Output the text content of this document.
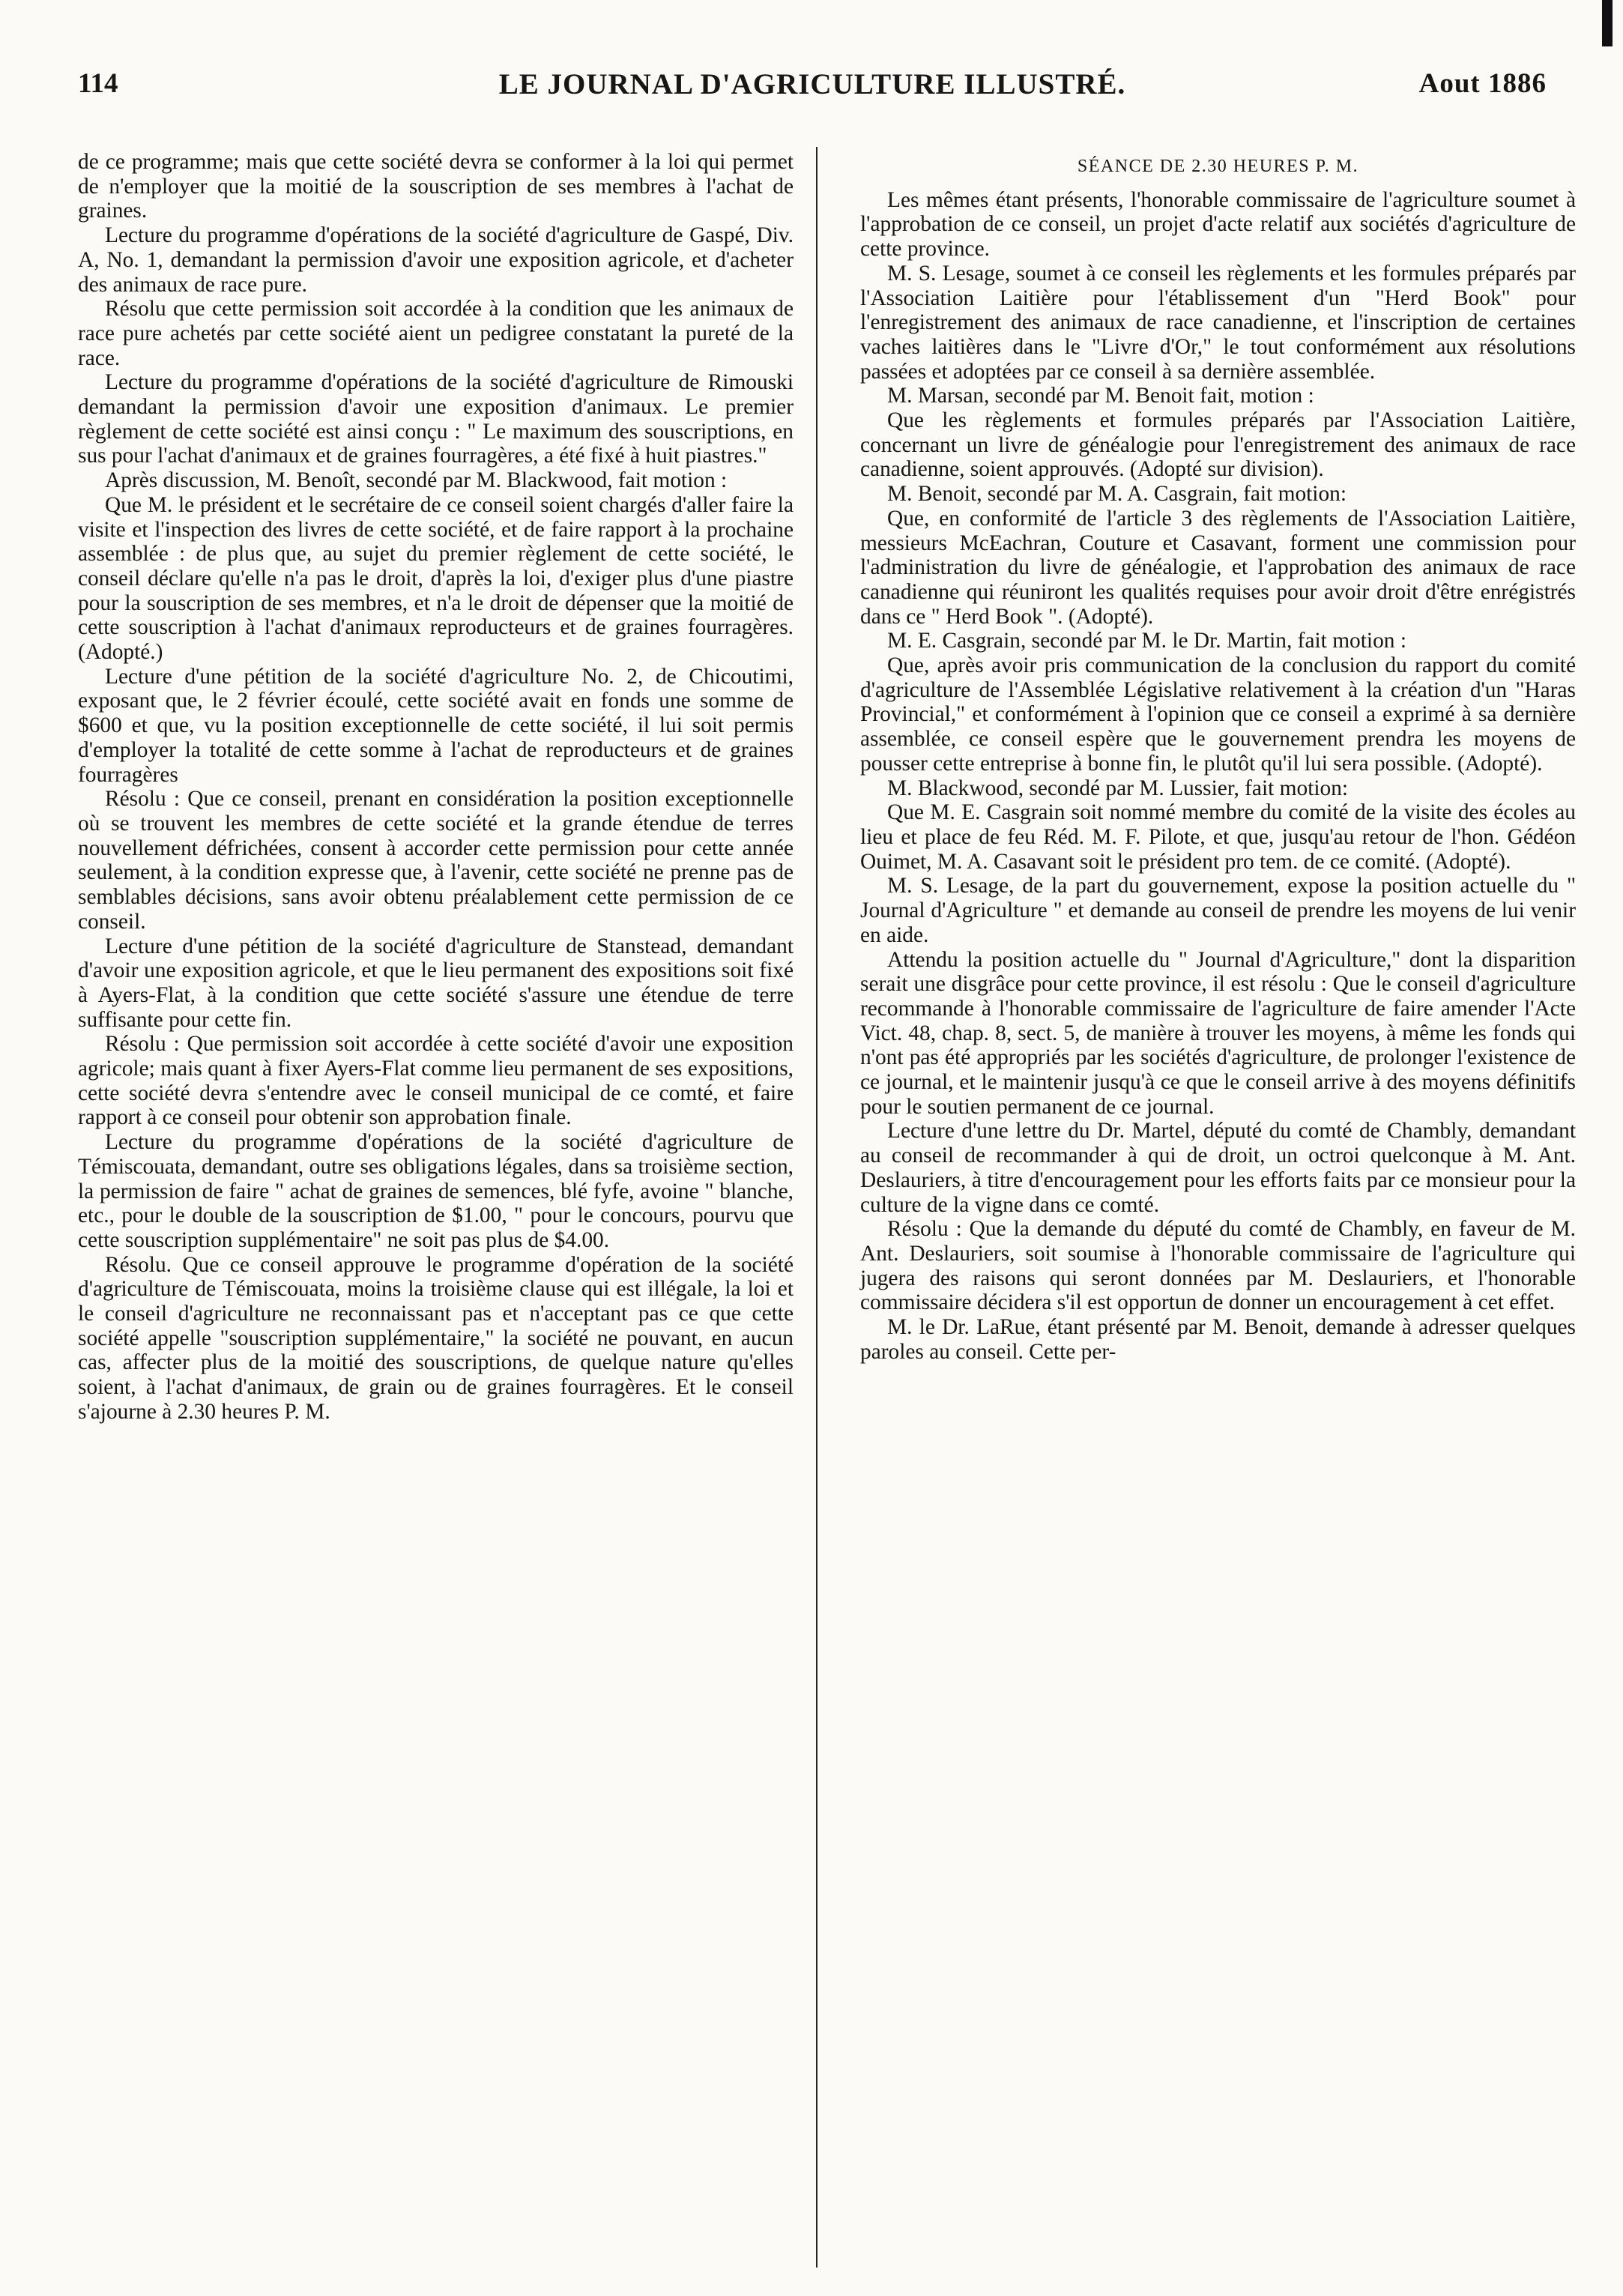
114	LE JOURNAL D'AGRICULTURE ILLUSTRÉ.	Aout 1886

de ce programme; mais que cette société devra se conformer à la loi qui permet de n'employer que la moitié de la souscription de ses membres à l'achat de graines.

Lecture du programme d'opérations de la société d'agriculture de Gaspé, Div. A, No. 1, demandant la permission d'avoir une exposition agricole, et d'acheter des animaux de race pure.

Résolu que cette permission soit accordée à la condition que les animaux de race pure achetés par cette société aient un pedigree constatant la pureté de la race.

Lecture du programme d'opérations de la société d'agriculture de Rimouski demandant la permission d'avoir une exposition d'animaux. Le premier règlement de cette société est ainsi conçu : " Le maximum des souscriptions, en sus pour l'achat d'animaux et de graines fourragères, a été fixé à huit piastres."

Après discussion, M. Benoît, secondé par M. Blackwood, fait motion :

Que M. le président et le secrétaire de ce conseil soient chargés d'aller faire la visite et l'inspection des livres de cette société, et de faire rapport à la prochaine assemblée : de plus que, au sujet du premier règlement de cette société, le conseil déclare qu'elle n'a pas le droit, d'après la loi, d'exiger plus d'une piastre pour la souscription de ses membres, et n'a le droit de dépenser que la moitié de cette souscription à l'achat d'animaux reproducteurs et de graines fourragères. (Adopté.)

Lecture d'une pétition de la société d'agriculture No. 2, de Chicoutimi, exposant que, le 2 février écoulé, cette société avait en fonds une somme de $600 et que, vu la position exceptionnelle de cette société, il lui soit permis d'employer la totalité de cette somme à l'achat de reproducteurs et de graines fourragères

Résolu : Que ce conseil, prenant en considération la position exceptionnelle où se trouvent les membres de cette société et la grande étendue de terres nouvellement défrichées, consent à accorder cette permission pour cette année seulement, à la condition expresse que, à l'avenir, cette société ne prenne pas de semblables décisions, sans avoir obtenu préalablement cette permission de ce conseil.

Lecture d'une pétition de la société d'agriculture de Stanstead, demandant d'avoir une exposition agricole, et que le lieu permanent des expositions soit fixé à Ayers-Flat, à la condition que cette société s'assure une étendue de terre suffisante pour cette fin.

Résolu : Que permission soit accordée à cette société d'avoir une exposition agricole; mais quant à fixer Ayers-Flat comme lieu permanent de ses expositions, cette société devra s'entendre avec le conseil municipal de ce comté, et faire rapport à ce conseil pour obtenir son approbation finale.

Lecture du programme d'opérations de la société d'agriculture de Témiscouata, demandant, outre ses obligations légales, dans sa troisième section, la permission de faire " achat de graines de semences, blé fyfe, avoine " blanche, etc., pour le double de la souscription de $1.00, " pour le concours, pourvu que cette souscription supplémentaire" ne soit pas plus de $4.00.

Résolu. Que ce conseil approuve le programme d'opération de la société d'agriculture de Témiscouata, moins la troisième clause qui est illégale, la loi et le conseil d'agriculture ne reconnaissant pas et n'acceptant pas ce que cette société appelle "souscription supplémentaire," la société ne pouvant, en aucun cas, affecter plus de la moitié des souscriptions, de quelque nature qu'elles soient, à l'achat d'animaux, de grain ou de graines fourragères. Et le conseil s'ajourne à 2.30 heures P. M.

SÉANCE DE 2.30 HEURES P. M.

Les mêmes étant présents, l'honorable commissaire de l'agriculture soumet à l'approbation de ce conseil, un projet d'acte relatif aux sociétés d'agriculture de cette province.

M. S. Lesage, soumet à ce conseil les règlements et les formules préparés par l'Association Laitière pour l'établissement d'un "Herd Book" pour l'enregistrement des animaux de race canadienne, et l'inscription de certaines vaches laitières dans le "Livre d'Or," le tout conformément aux résolutions passées et adoptées par ce conseil à sa dernière assemblée.

M. Marsan, secondé par M. Benoit fait, motion :

Que les règlements et formules préparés par l'Association Laitière, concernant un livre de généalogie pour l'enregistrement des animaux de race canadienne, soient approuvés. (Adopté sur division).

M. Benoit, secondé par M. A. Casgrain, fait motion:

Que, en conformité de l'article 3 des règlements de l'Association Laitière, messieurs McEachran, Couture et Casavant, forment une commission pour l'administration du livre de généalogie, et l'approbation des animaux de race canadienne qui réuniront les qualités requises pour avoir droit d'être enrégistrés dans ce " Herd Book ". (Adopté).

M. E. Casgrain, secondé par M. le Dr. Martin, fait motion :

Que, après avoir pris communication de la conclusion du rapport du comité d'agriculture de l'Assemblée Législative relativement à la création d'un "Haras Provincial," et conformément à l'opinion que ce conseil a exprimé à sa dernière assemblée, ce conseil espère que le gouvernement prendra les moyens de pousser cette entreprise à bonne fin, le plutôt qu'il lui sera possible. (Adopté).

M. Blackwood, secondé par M. Lussier, fait motion:

Que M. E. Casgrain soit nommé membre du comité de la visite des écoles au lieu et place de feu Réd. M. F. Pilote, et que, jusqu'au retour de l'hon. Gédéon Ouimet, M. A. Casavant soit le président pro tem. de ce comité. (Adopté).

M. S. Lesage, de la part du gouvernement, expose la position actuelle du " Journal d'Agriculture " et demande au conseil de prendre les moyens de lui venir en aide.

Attendu la position actuelle du " Journal d'Agriculture," dont la disparition serait une disgrâce pour cette province, il est résolu : Que le conseil d'agriculture recommande à l'honorable commissaire de l'agriculture de faire amender l'Acte Vict. 48, chap. 8, sect. 5, de manière à trouver les moyens, à même les fonds qui n'ont pas été appropriés par les sociétés d'agriculture, de prolonger l'existence de ce journal, et le maintenir jusqu'à ce que le conseil arrive à des moyens définitifs pour le soutien permanent de ce journal.

Lecture d'une lettre du Dr. Martel, député du comté de Chambly, demandant au conseil de recommander à qui de droit, un octroi quelconque à M. Ant. Deslauriers, à titre d'encouragement pour les efforts faits par ce monsieur pour la culture de la vigne dans ce comté.

Résolu : Que la demande du député du comté de Chambly, en faveur de M. Ant. Deslauriers, soit soumise à l'honorable commissaire de l'agriculture qui jugera des raisons qui seront données par M. Deslauriers, et l'honorable commissaire décidera s'il est opportun de donner un encouragement à cet effet.

M. le Dr. LaRue, étant présenté par M. Benoit, demande à adresser quelques paroles au conseil. Cette per-
